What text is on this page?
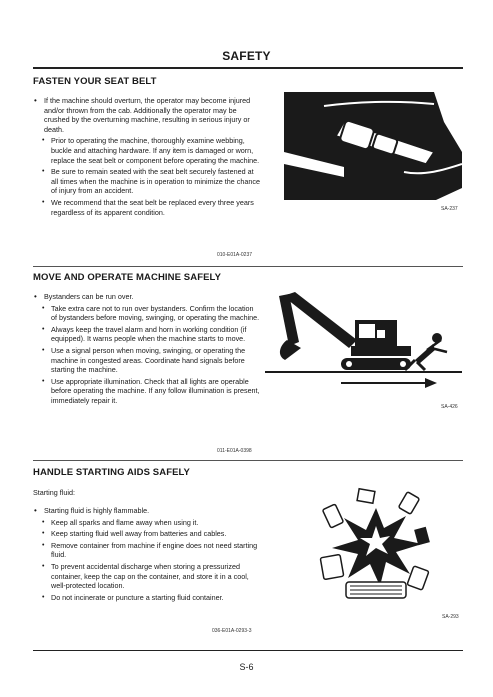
SAFETY
FASTEN YOUR SEAT BELT
• If the machine should overturn, the operator may become injured and/or thrown from the cab. Additionally the operator may be crushed by the overturning machine, resulting in serious injury or death.
• Prior to operating the machine, thoroughly examine webbing, buckle and attaching hardware. If any item is damaged or worn, replace the seat belt or component before operating the machine.
• Be sure to remain seated with the seat belt securely fastened at all times when the machine is in operation to minimize the chance of injury from an accident.
• We recommend that the seat belt be replaced every three years regardless of its apparent condition.
010-E01A-0237
SA-237
MOVE AND OPERATE MACHINE SAFELY
• Bystanders can be run over.
• Take extra care not to run over bystanders. Confirm the location of bystanders before moving, swinging, or operating the machine.
• Always keep the travel alarm and horn in working condition (if equipped). It warns people when the machine starts to move.
• Use a signal person when moving, swinging, or operating the machine in congested areas. Coordinate hand signals before starting the machine.
• Use appropriate illumination. Check that all lights are operable before operating the machine. If any follow illumination is present, immediately repair it.
011-E01A-0398
SA-426
HANDLE STARTING AIDS SAFELY
Starting fluid:
• Starting fluid is highly flammable.
• Keep all sparks and flame away when using it.
• Keep starting fluid well away from batteries and cables.
• Remove container from machine if engine does not need starting fluid.
• To prevent accidental discharge when storing a pressurized container, keep the cap on the container, and store it in a cool, well-protected location.
• Do not incinerate or puncture a starting fluid container.
036-E01A-0293-3
SA-293
S-6
